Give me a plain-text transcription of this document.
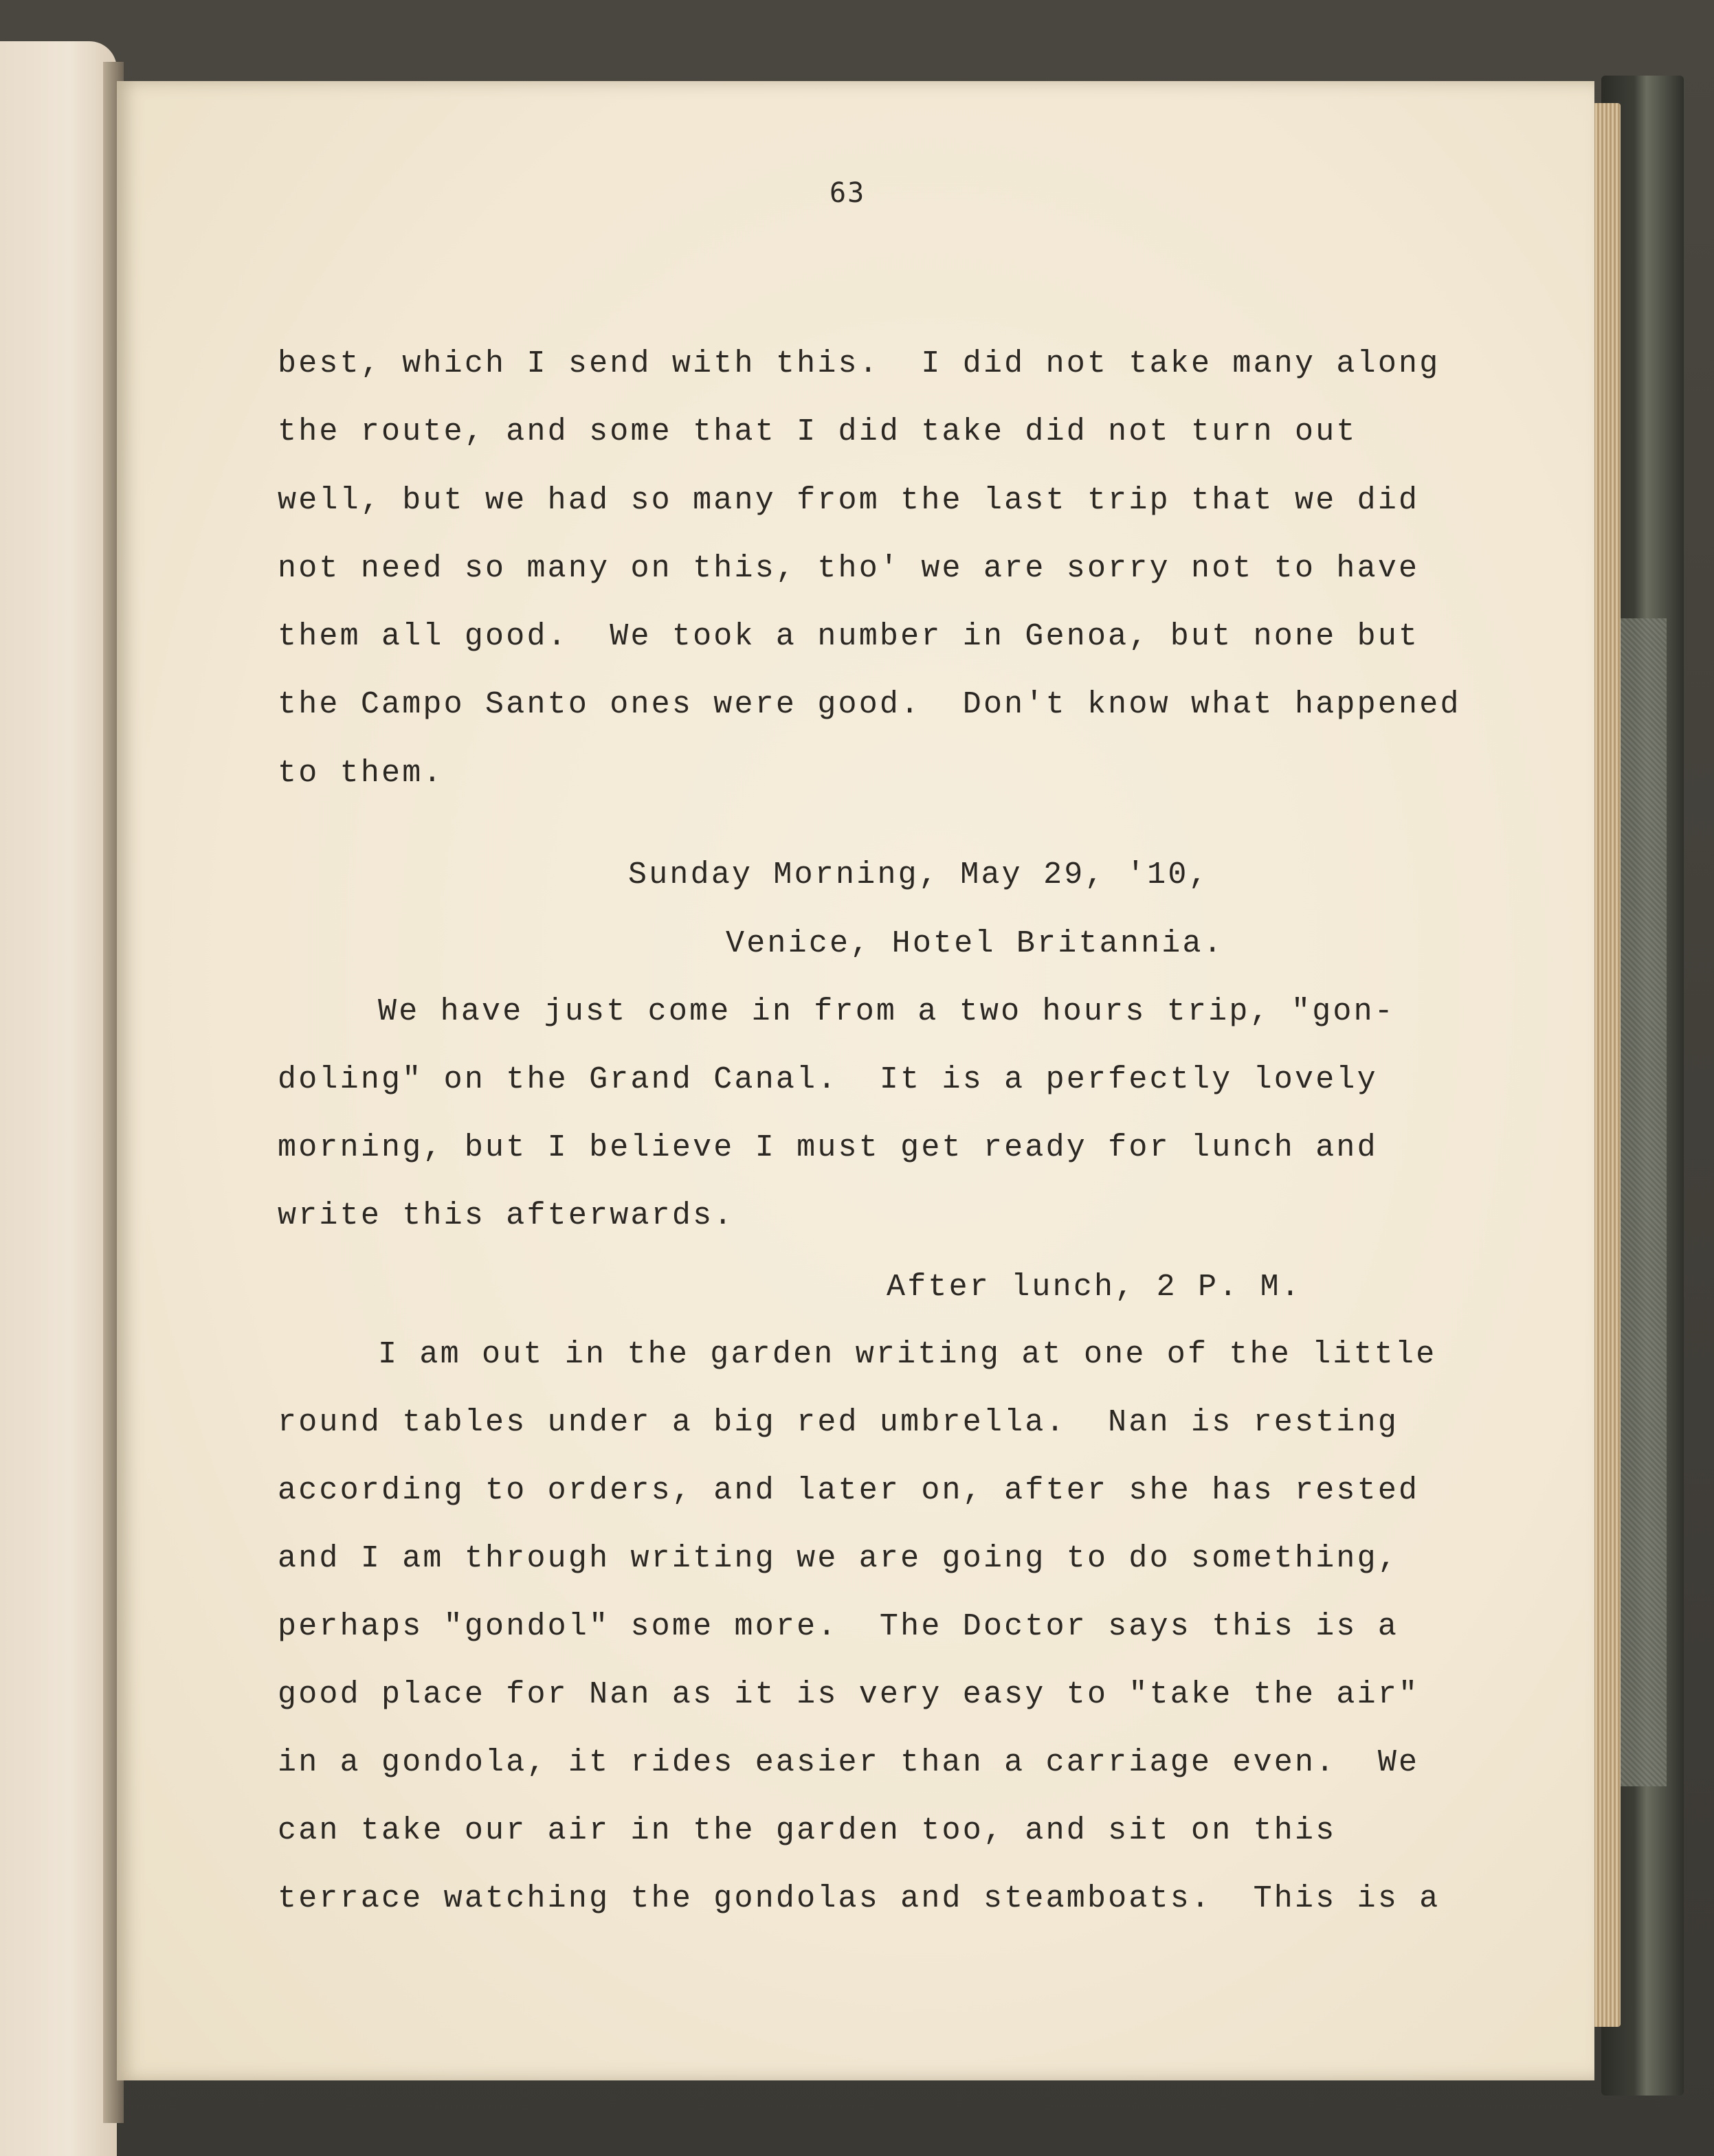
63
best, which I send with this.  I did not take many along
the route, and some that I did take did not turn out
well, but we had so many from the last trip that we did
not need so many on this, tho' we are sorry not to have
them all good.  We took a number in Genoa, but none but
the Campo Santo ones were good.  Don't know what happened
to them.
Sunday Morning, May 29, '10,
Venice, Hotel Britannia.
We have just come in from a two hours trip, "gon-
doling" on the Grand Canal.  It is a perfectly lovely
morning, but I believe I must get ready for lunch and
write this afterwards.
After lunch, 2 P. M.
I am out in the garden writing at one of the little
round tables under a big red umbrella.  Nan is resting
according to orders, and later on, after she has rested
and I am through writing we are going to do something,
perhaps "gondol" some more.  The Doctor says this is a
good place for Nan as it is very easy to "take the air"
in a gondola, it rides easier than a carriage even.  We
can take our air in the garden too, and sit on this
terrace watching the gondolas and steamboats.  This is a
